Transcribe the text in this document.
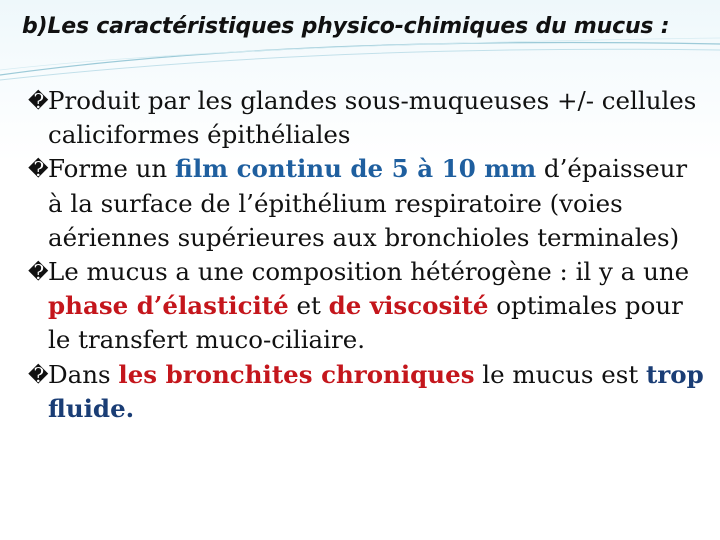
b)Les caractéristiques physico-chimiques du mucus :
� Produit par les glandes sous-muqueuses +/- cellules caliciformes épithéliales
� Forme un film continu de 5 à 10 mm d’épaisseur à la surface de l’épithélium respiratoire (voies aériennes supérieures aux bronchioles terminales)
� Le mucus a une composition hétérogène : il y a une phase d’élasticité et de viscosité optimales pour le transfert muco-ciliaire.
� Dans les bronchites chroniques le mucus est trop fluide.
